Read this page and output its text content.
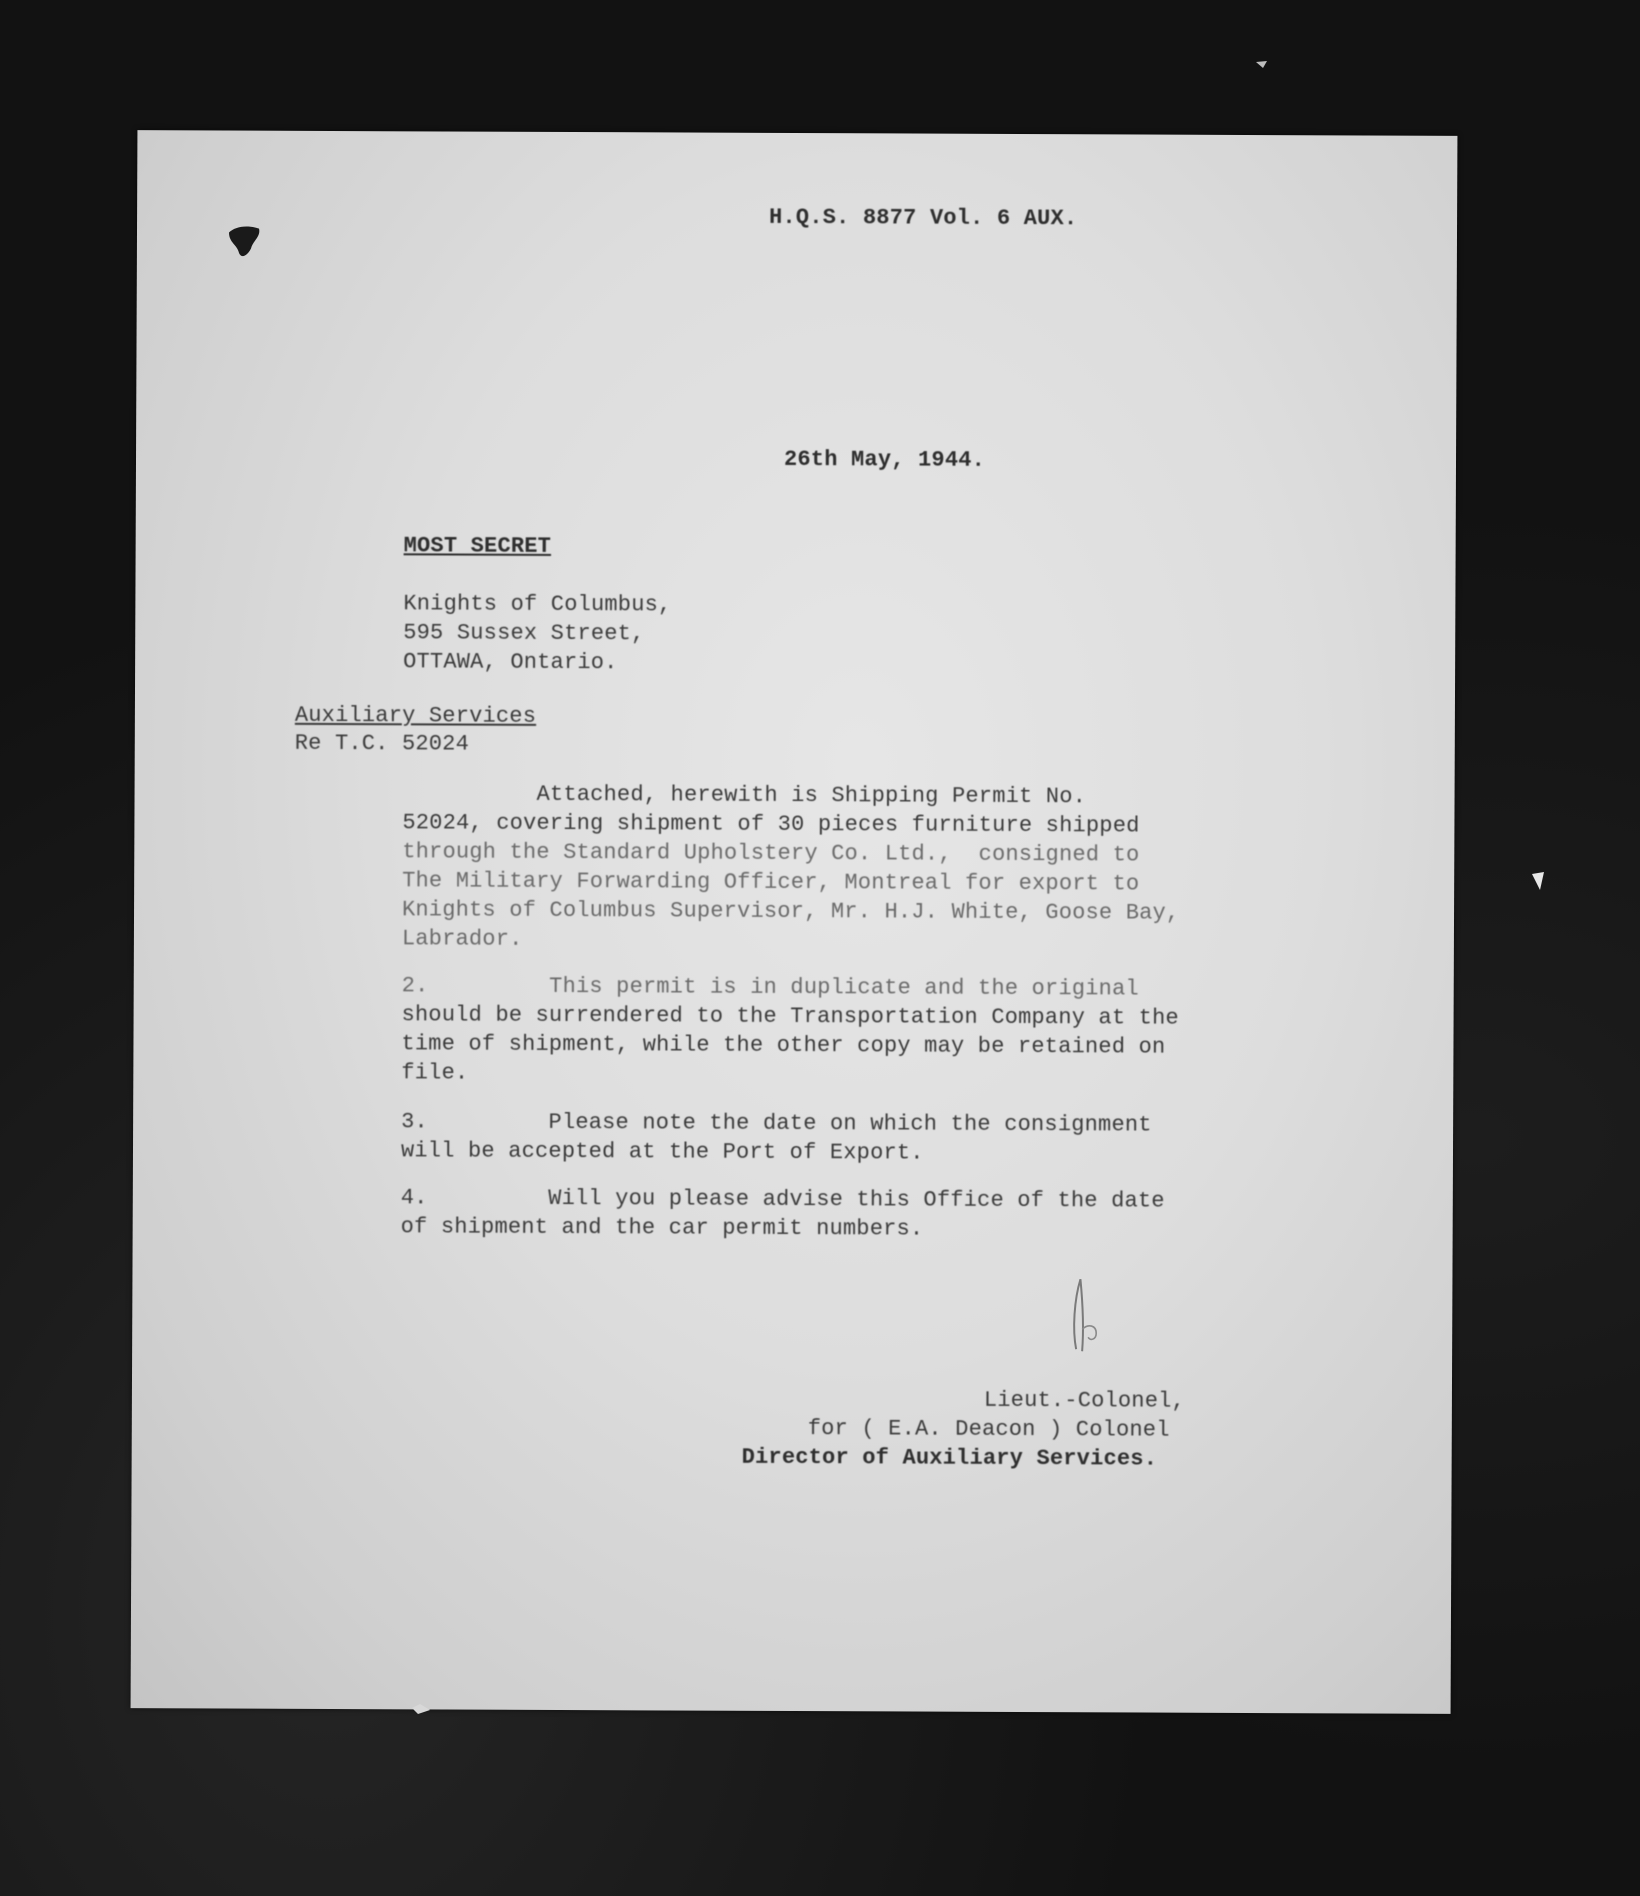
H.Q.S. 8877 Vol. 6 AUX.
26th May, 1944.
MOST SECRET
Knights of Columbus,
595 Sussex Street,
OTTAWA, Ontario.
Auxiliary Services
Re T.C. 52024
Attached, herewith is Shipping Permit No.
52024, covering shipment of 30 pieces furniture shipped
through the Standard Upholstery Co. Ltd.,  consigned to
The Military Forwarding Officer, Montreal for export to
Knights of Columbus Supervisor, Mr. H.J. White, Goose Bay,
Labrador.
2.         This permit is in duplicate and the original
should be surrendered to the Transportation Company at the
time of shipment, while the other copy may be retained on
file.
3.         Please note the date on which the consignment
will be accepted at the Port of Export.
4.         Will you please advise this Office of the date
of shipment and the car permit numbers.
Lieut.-Colonel,
for ( E.A. Deacon ) Colonel
Director of Auxiliary Services.
